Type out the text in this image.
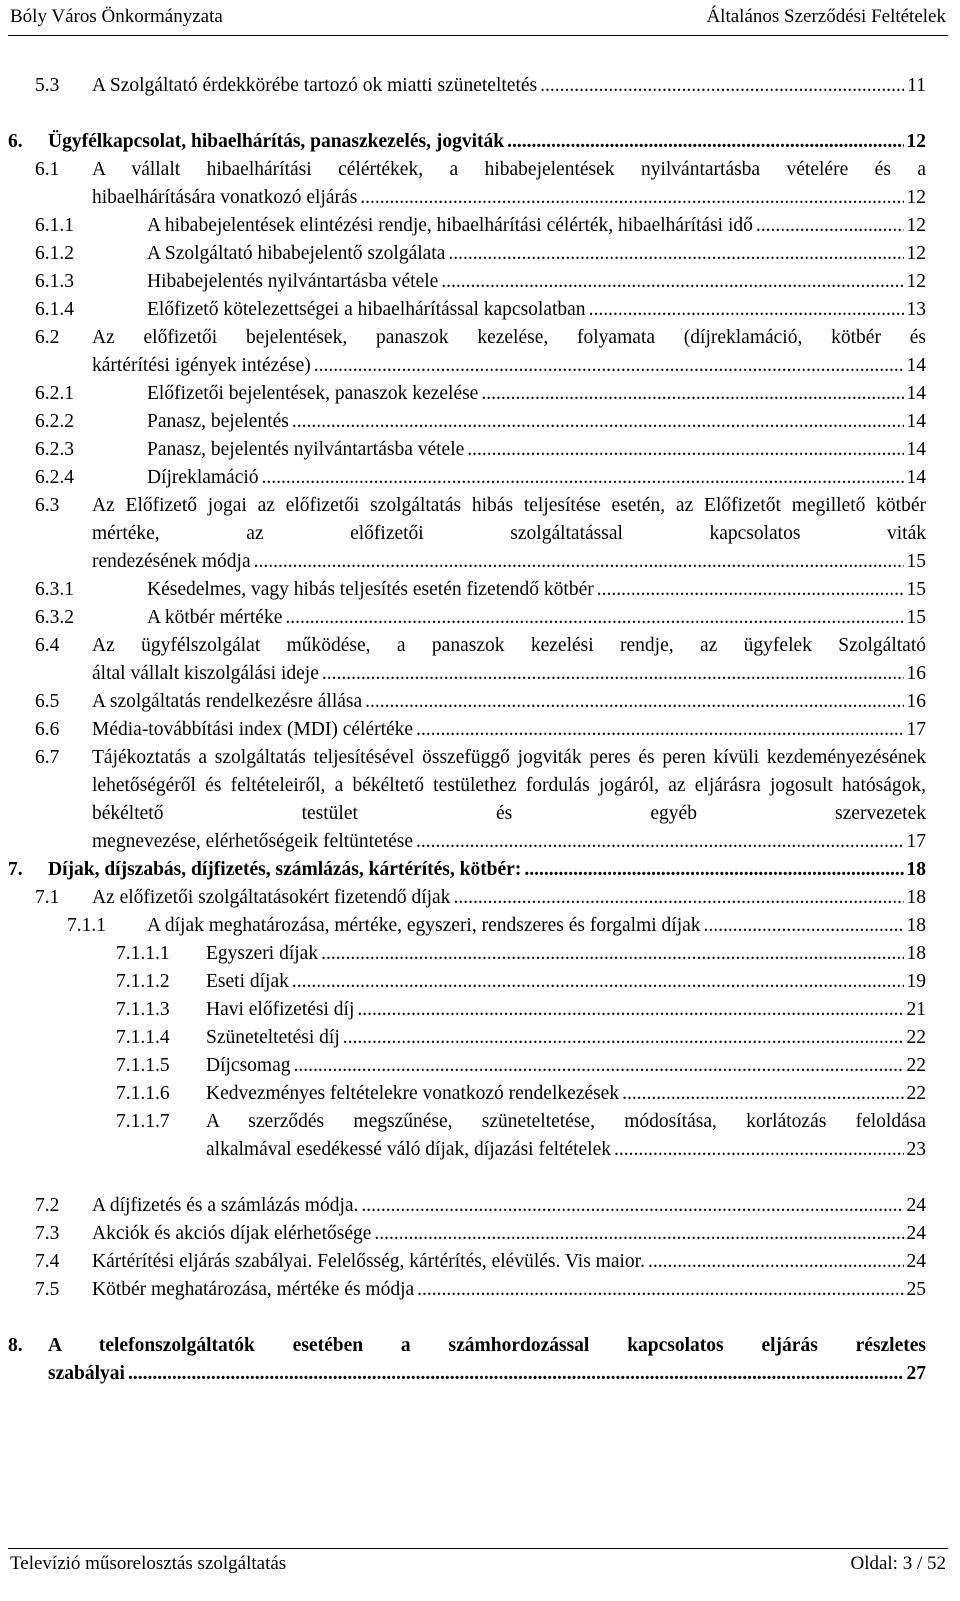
Bóly Város Önkormányzata	Általános Szerződési Feltételek
5.3 A Szolgáltató érdekkörébe tartozó ok miatti szüneteltetés .....	11
6. Ügyfélkapcsolat, hibaelhárítás, panaszkezelés, jogviták .....	12
6.1 A vállalt hibaelhárítási célértékek, a hibabejelentések nyilvántartásba vételére és a
hibaelhárítására vonatkozó eljárás .....	12
6.1.1	A hibabejelentések elintézési rendje, hibaelhárítási célérték, hibaelhárítási idő .....	12
6.1.2	A Szolgáltató hibabejelentő szolgálata .....	12
6.1.3	Hibabejelentés nyilvántartásba vétele .....	12
6.1.4	Előfizető kötelezettségei a hibaelhárítással kapcsolatban .....	13
6.2 Az előfizetői bejelentések, panaszok kezelése, folyamata (díjreklamáció, kötbér és
kártérítési igények intézése) .....	14
6.2.1	Előfizetői bejelentések, panaszok kezelése .....	14
6.2.2	Panasz, bejelentés .....	14
6.2.3	Panasz, bejelentés nyilvántartásba vétele .....	14
6.2.4	Díjreklamáció .....	14
6.3 Az Előfizető jogai az előfizetői szolgáltatás hibás teljesítése esetén, az Előfizetőt megillető kötbér mértéke, az előfizetői szolgáltatással kapcsolatos viták
rendezésének módja .....	15
6.3.1	Késedelmes, vagy hibás teljesítés esetén fizetendő kötbér .....	15
6.3.2	A kötbér mértéke .....	15
6.4 Az ügyfélszolgálat működése, a panaszok kezelési rendje, az ügyfelek Szolgáltató
által vállalt kiszolgálási ideje .....	16
6.5 A szolgáltatás rendelkezésre állása .....	16
6.6 Média-továbbítási index (MDI) célértéke .....	17
6.7 Tájékoztatás a szolgáltatás teljesítésével összefüggő jogviták peres és peren kívüli kezdeményezésének lehetőségéről és feltételeiről, a békéltető testülethez fordulás jogáról, az eljárásra jogosult hatóságok, békéltető testület és egyéb szervezetek
megnevezése, elérhetőségeik feltüntetése .....	17
7. Díjak, díjszabás, díjfizetés, számlázás, kártérítés, kötbér: .....	18
7.1 Az előfizetői szolgáltatásokért fizetendő díjak .....	18
7.1.1 A díjak meghatározása, mértéke, egyszeri, rendszeres és forgalmi díjak .....	18
7.1.1.1 Egyszeri díjak .....	18
7.1.1.2 Eseti díjak .....	19
7.1.1.3 Havi előfizetési díj .....	21
7.1.1.4 Szüneteltetési díj .....	22
7.1.1.5 Díjcsomag .....	22
7.1.1.6 Kedvezményes feltételekre vonatkozó rendelkezések .....	22
7.1.1.7 A szerződés megszűnése, szüneteltetése, módosítása, korlátozás feloldása
alkalmával esedékessé váló díjak, díjazási feltételek .....	23
7.2 A díjfizetés és a számlázás módja. .....	24
7.3 Akciók és akciós díjak elérhetősége .....	24
7.4 Kártérítési eljárás szabályai. Felelősség, kártérítés, elévülés. Vis maior. .....	24
7.5 Kötbér meghatározása, mértéke és módja .....	25
8. A telefonszolgáltatók esetében a számhordozással kapcsolatos eljárás részletes
szabályai .....	27
Televízió műsorelosztás szolgáltatás	Oldal: 3 / 52
